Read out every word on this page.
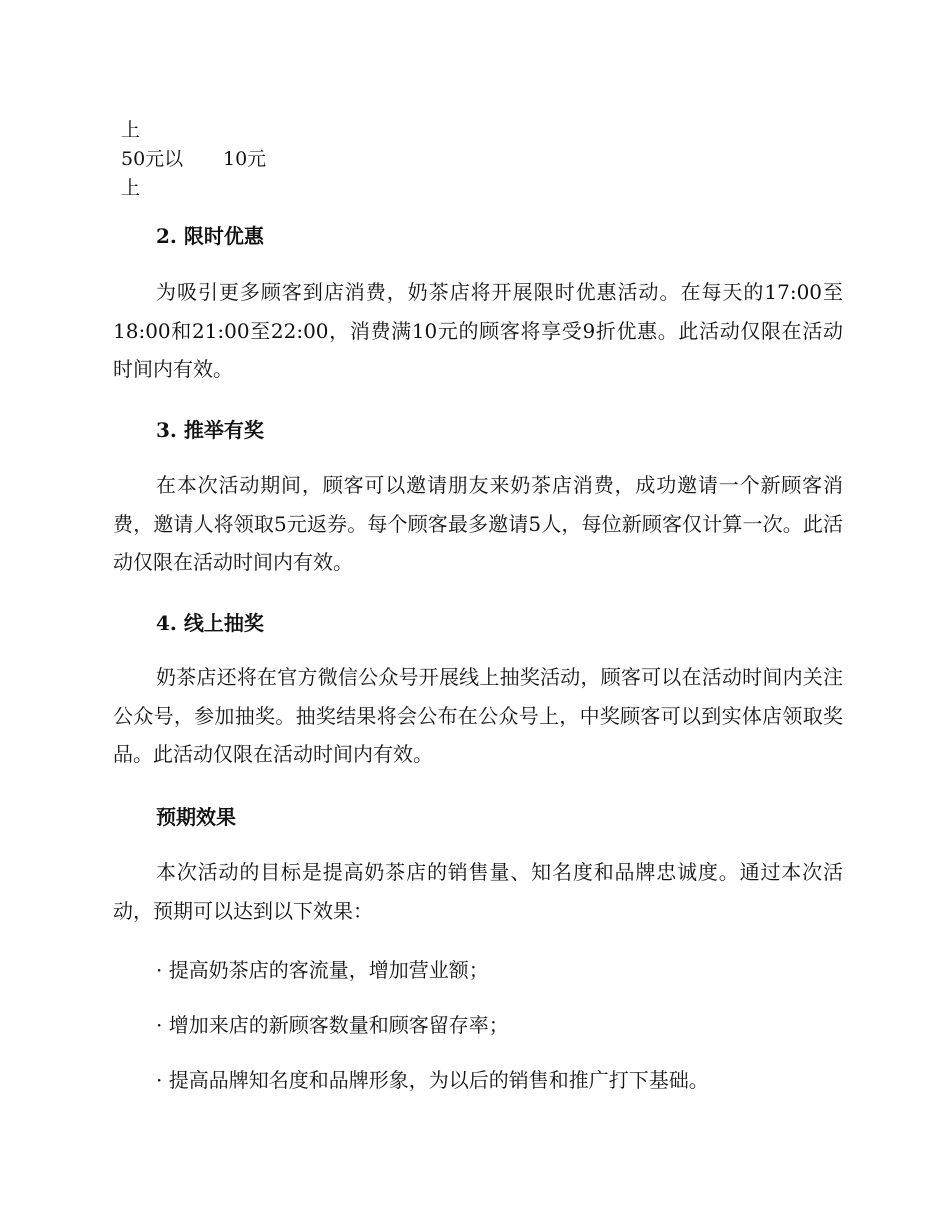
上
50元以 10元
上
2. 限时优惠
为吸引更多顾客到店消费，奶茶店将开展限时优惠活动。在每天的17:00至18:00和21:00至22:00，消费满10元的顾客将享受9折优惠。此活动仅限在活动时间内有效。
3. 推举有奖
在本次活动期间，顾客可以邀请朋友来奶茶店消费，成功邀请一个新顾客消费，邀请人将领取5元返券。每个顾客最多邀请5人，每位新顾客仅计算一次。此活动仅限在活动时间内有效。
4. 线上抽奖
奶茶店还将在官方微信公众号开展线上抽奖活动，顾客可以在活动时间内关注公众号，参加抽奖。抽奖结果将会公布在公众号上，中奖顾客可以到实体店领取奖品。此活动仅限在活动时间内有效。
预期效果
本次活动的目标是提高奶茶店的销售量、知名度和品牌忠诚度。通过本次活动，预期可以达到以下效果：
· 提高奶茶店的客流量，增加营业额；
· 增加来店的新顾客数量和顾客留存率；
· 提高品牌知名度和品牌形象，为以后的销售和推广打下基础。
